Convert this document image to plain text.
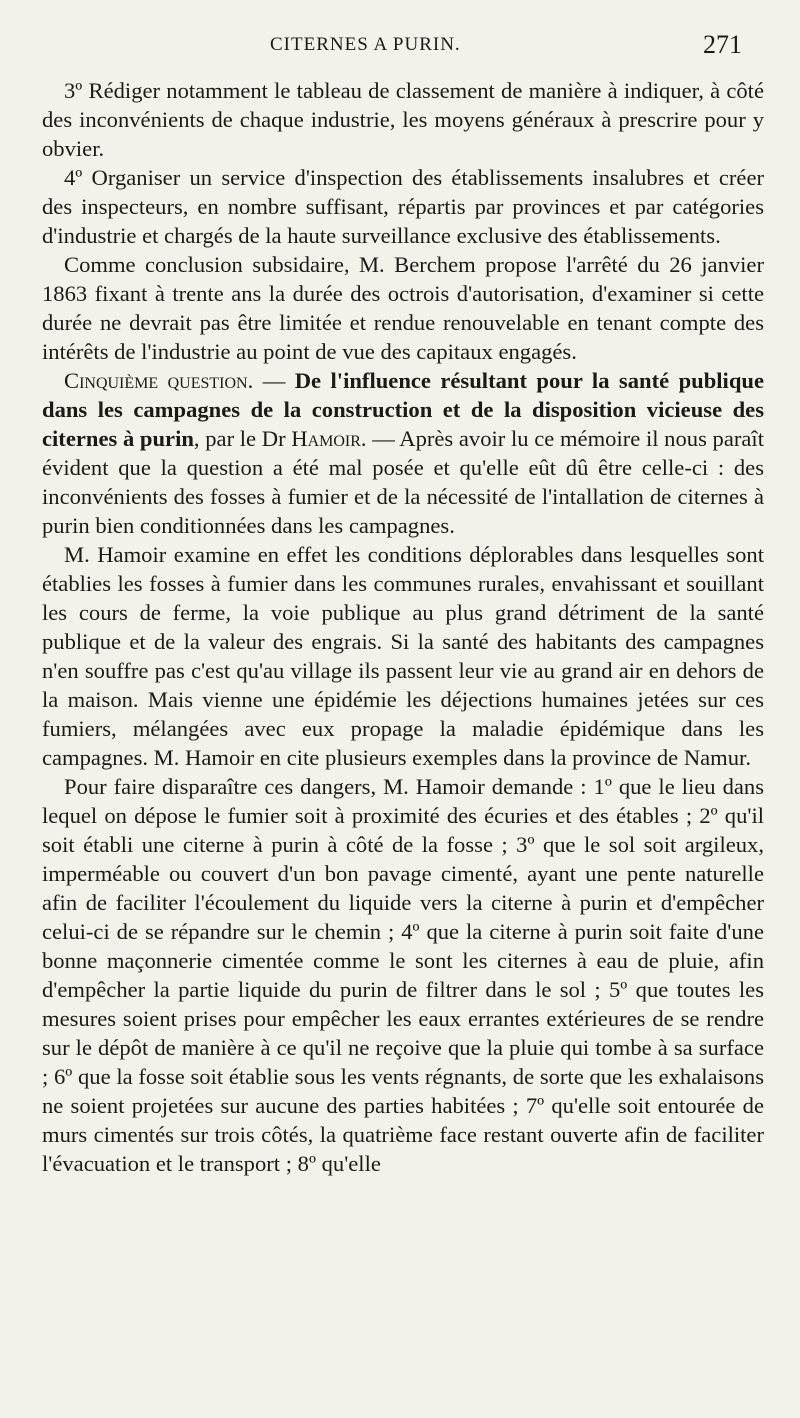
CITERNES A PURIN.	271

3º Rédiger notamment le tableau de classement de manière à indiquer, à côté des inconvénients de chaque industrie, les moyens généraux à prescrire pour y obvier.

4º Organiser un service d'inspection des établissements insalubres et créer des inspecteurs, en nombre suffisant, répartis par provinces et par catégories d'industrie et chargés de la haute surveillance exclusive des établissements.

Comme conclusion subsidaire, M. Berchem propose l'arrêté du 26 janvier 1863 fixant à trente ans la durée des octrois d'autorisation, d'examiner si cette durée ne devrait pas être limitée et rendue renouvelable en tenant compte des intérêts de l'industrie au point de vue des capitaux engagés.

Cinquième question. — De l'influence résultant pour la santé publique dans les campagnes de la construction et de la disposition vicieuse des citernes à purin, par le Dr Hamoir. — Après avoir lu ce mémoire il nous paraît évident que la question a été mal posée et qu'elle eût dû être celle-ci : des inconvénients des fosses à fumier et de la nécessité de l'intallation de citernes à purin bien conditionnées dans les campagnes.

M. Hamoir examine en effet les conditions déplorables dans lesquelles sont établies les fosses à fumier dans les communes rurales, envahissant et souillant les cours de ferme, la voie publique au plus grand détriment de la santé publique et de la valeur des engrais. Si la santé des habitants des campagnes n'en souffre pas c'est qu'au village ils passent leur vie au grand air en dehors de la maison. Mais vienne une épidémie les déjections humaines jetées sur ces fumiers, mélangées avec eux propage la maladie épidémique dans les campagnes. M. Hamoir en cite plusieurs exemples dans la province de Namur.

Pour faire disparaître ces dangers, M. Hamoir demande : 1º que le lieu dans lequel on dépose le fumier soit à proximité des écuries et des étables ; 2º qu'il soit établi une citerne à purin à côté de la fosse ; 3º que le sol soit argileux, imperméable ou couvert d'un bon pavage cimenté, ayant une pente naturelle afin de faciliter l'écoulement du liquide vers la citerne à purin et d'empêcher celui-ci de se répandre sur le chemin ; 4º que la citerne à purin soit faite d'une bonne maçonnerie cimentée comme le sont les citernes à eau de pluie, afin d'empêcher la partie liquide du purin de filtrer dans le sol ; 5º que toutes les mesures soient prises pour empêcher les eaux errantes extérieures de se rendre sur le dépôt de manière à ce qu'il ne reçoive que la pluie qui tombe à sa surface ; 6º que la fosse soit établie sous les vents régnants, de sorte que les exhalaisons ne soient projetées sur aucune des parties habitées ; 7º qu'elle soit entourée de murs cimentés sur trois côtés, la quatrième face restant ouverte afin de faciliter l'évacuation et le transport ; 8º qu'elle
